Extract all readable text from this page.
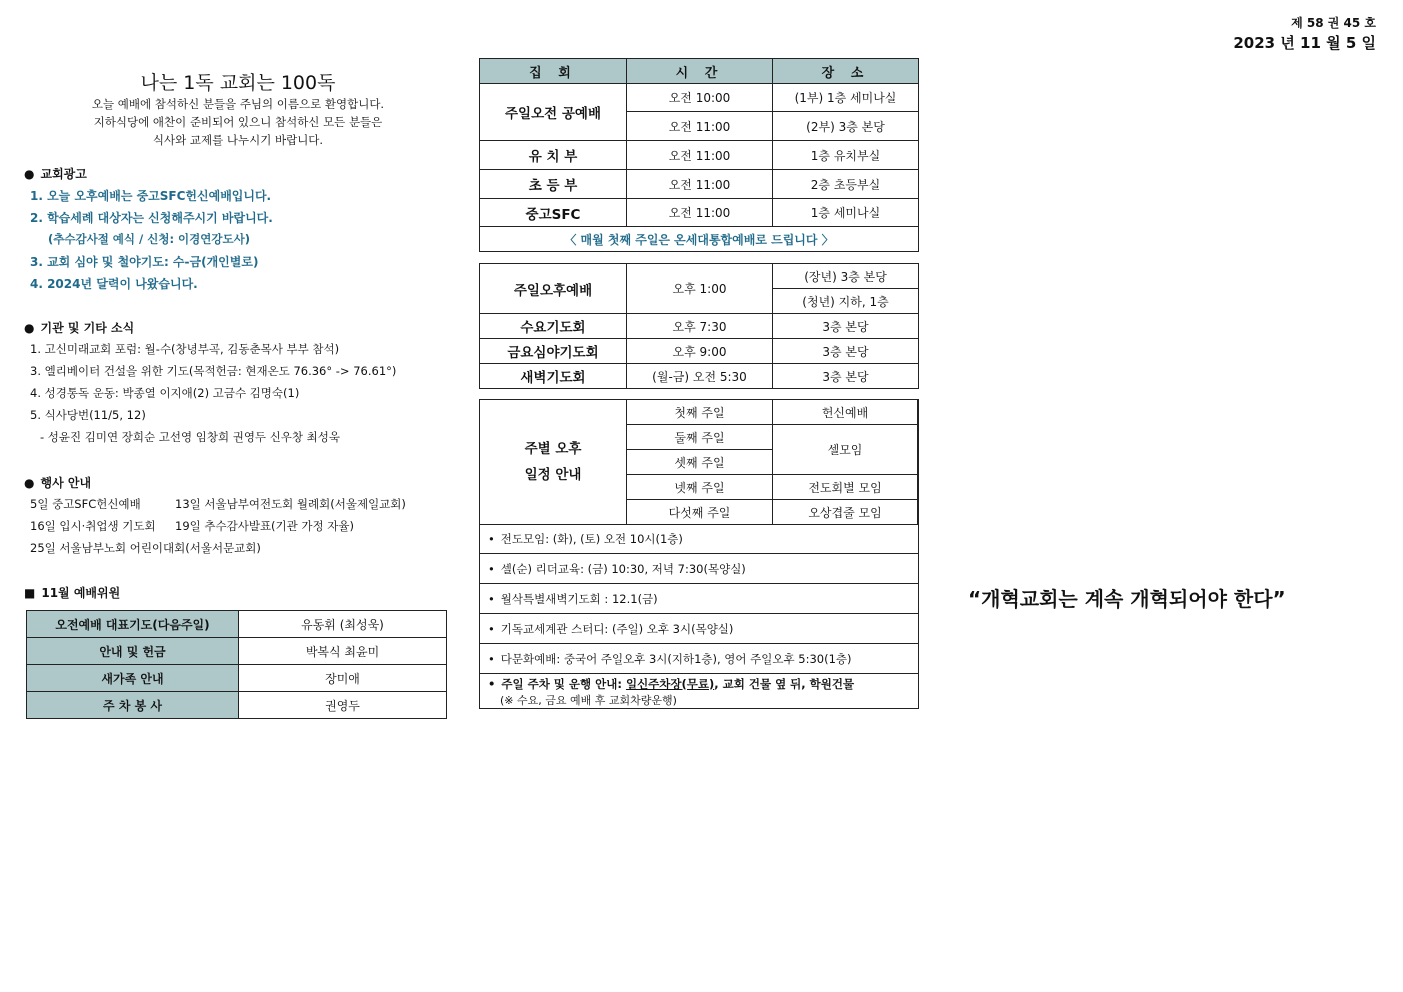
제 58 권 45 호
2023 년 11 월 5 일
나는 1독 교회는 100독
오늘 예배에 참석하신 분들을 주님의 이름으로 환영합니다.
지하식당에 애찬이 준비되어 있으니 참석하신 모든 분들은
식사와 교제를 나누시기 바랍니다.
● 교회광고
1. 오늘 오후예배는 중고SFC헌신예배입니다.
2. 학습세례 대상자는 신청해주시기 바랍니다.
(추수감사절 예식 / 신청: 이경연강도사)
3. 교회 심야 및 철야기도: 수-금(개인별로)
4. 2024년 달력이 나왔습니다.
● 기관 및 기타 소식
1. 고신미래교회 포럼: 월-수(창녕부곡, 김동춘목사 부부 참석)
3. 엘리베이터 건설을 위한 기도(목적헌금: 현재온도 76.36° -> 76.61°)
4. 성경통독 운동: 박종열 이지애(2) 고금수 김명숙(1)
5. 식사당번(11/5, 12)
- 성윤진 김미연 장희순 고선영 임창희 권영두 신우창 최성욱
● 행사 안내
5일 중고SFC헌신예배	13일 서울남부여전도회 월례회(서울제일교회)
16일 입시·취업생 기도회 19일 추수감사발표(기관 가정 자율)
25일 서울남부노회 어린이대회(서울서문교회)
■ 11월 예배위원
오전예배 대표기도(다음주일)	유동휘 (최성욱)
안내 및 헌금	박복식 최윤미
새가족 안내	장미애
주 차 봉 사	권영두
집 회	시 간	장 소
주일오전 공예배	오전 10:00	(1부) 1층 세미나실
	오전 11:00	(2부) 3층 본당
유 치 부	오전 11:00	1층 유치부실
초 등 부	오전 11:00	2층 초등부실
중고SFC	오전 11:00	1층 세미나실
〈 매월 첫째 주일은 온세대통합예배로 드립니다 〉		
주일오후예배	오후 1:00	(장년) 3층 본당
		(청년) 지하, 1층
수요기도회	오후 7:30	3층 본당
금요심야기도회	오후 9:00	3층 본당
새벽기도회	(월-금) 오전 5:30	3층 본당
주별 오후
일정 안내	첫째 주일	헌신예배
	둘째 주일	셀모임
	셋째 주일	
	넷째 주일	전도회별 모임
	다섯째 주일	오상겹줄 모임
• 전도모임: (화), (토) 오전 10시(1층)
• 셀(순) 리더교육: (금) 10:30, 저녁 7:30(목양실)
• 월삭특별새벽기도회 : 12.1(금)
• 기독교세계관 스터디: (주일) 오후 3시(목양실)
• 다문화예배: 중국어 주일오후 3시(지하1층), 영어 주일오후 5:30(1층)
• 주일 주차 및 운행 안내: 일신주차장(무료), 교회 건물 옆 뒤, 학원건물
(※ 수요, 금요 예배 후 교회차량운행)
“개혁교회는 계속 개혁되어야 한다”
